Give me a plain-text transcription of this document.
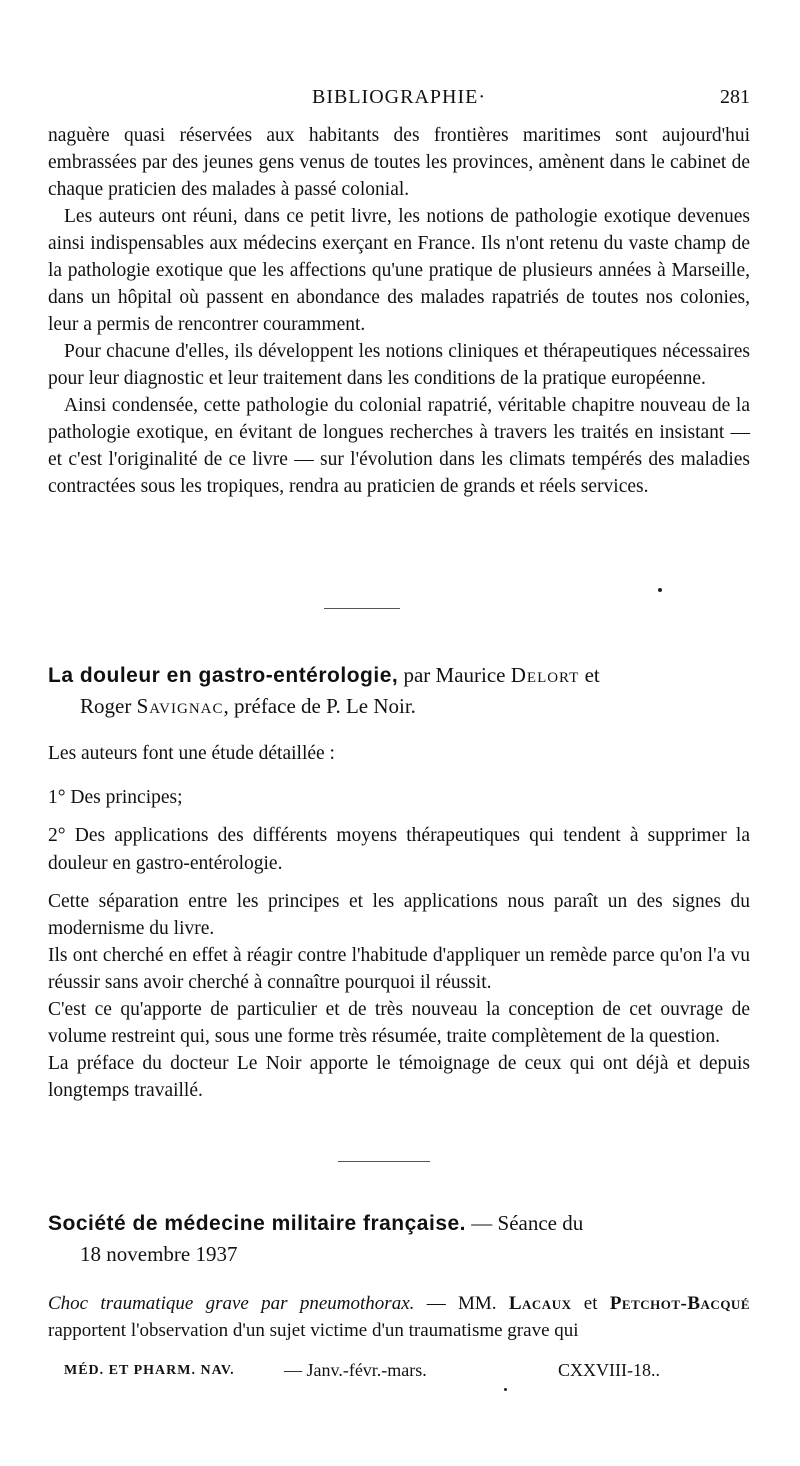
BIBLIOGRAPHIE·	281

naguère quasi réservées aux habitants des frontières maritimes sont aujourd'hui embrassées par des jeunes gens venus de toutes les provinces, amènent dans le cabinet de chaque praticien des malades à passé colonial.

Les auteurs ont réuni, dans ce petit livre, les notions de pathologie exotique devenues ainsi indispensables aux médecins exerçant en France. Ils n'ont retenu du vaste champ de la pathologie exotique que les affections qu'une pratique de plusieurs années à Marseille, dans un hôpital où passent en abondance des malades rapatriés de toutes nos colonies, leur a permis de rencontrer couramment.

Pour chacune d'elles, ils développent les notions cliniques et thérapeutiques nécessaires pour leur diagnostic et leur traitement dans les conditions de la pratique européenne.

Ainsi condensée, cette pathologie du colonial rapatrié, véritable chapitre nouveau de la pathologie exotique, en évitant de longues recherches à travers les traités en insistant — et c'est l'originalité de ce livre — sur l'évolution dans les climats tempérés des maladies contractées sous les tropiques, rendra au praticien de grands et réels services.

La douleur en gastro-entérologie, par Maurice Delort et
Roger Savignac, préface de P. Le Noir.
Les auteurs font une étude détaillée :
1° Des principes;
2° Des applications des différents moyens thérapeutiques qui tendent à supprimer la douleur en gastro-entérologie.

Cette séparation entre les principes et les applications nous paraît un des signes du modernisme du livre.

Ils ont cherché en effet à réagir contre l'habitude d'appliquer un remède parce qu'on l'a vu réussir sans avoir cherché à connaître pourquoi il réussit.

C'est ce qu'apporte de particulier et de très nouveau la conception de cet ouvrage de volume restreint qui, sous une forme très résumée, traite complètement de la question.

La préface du docteur Le Noir apporte le témoignage de ceux qui ont déjà et depuis longtemps travaillé.

Société de médecine militaire française. — Séance du
18 novembre 1937
Choc traumatique grave par pneumothorax. — MM. Lacaux et Petchot-Bacqué rapportent l'observation d'un sujet victime d'un traumatisme grave qui
MÉD. ET PHARM. NAV.	— Janv.-févr.-mars.	CXXVIII-18..
